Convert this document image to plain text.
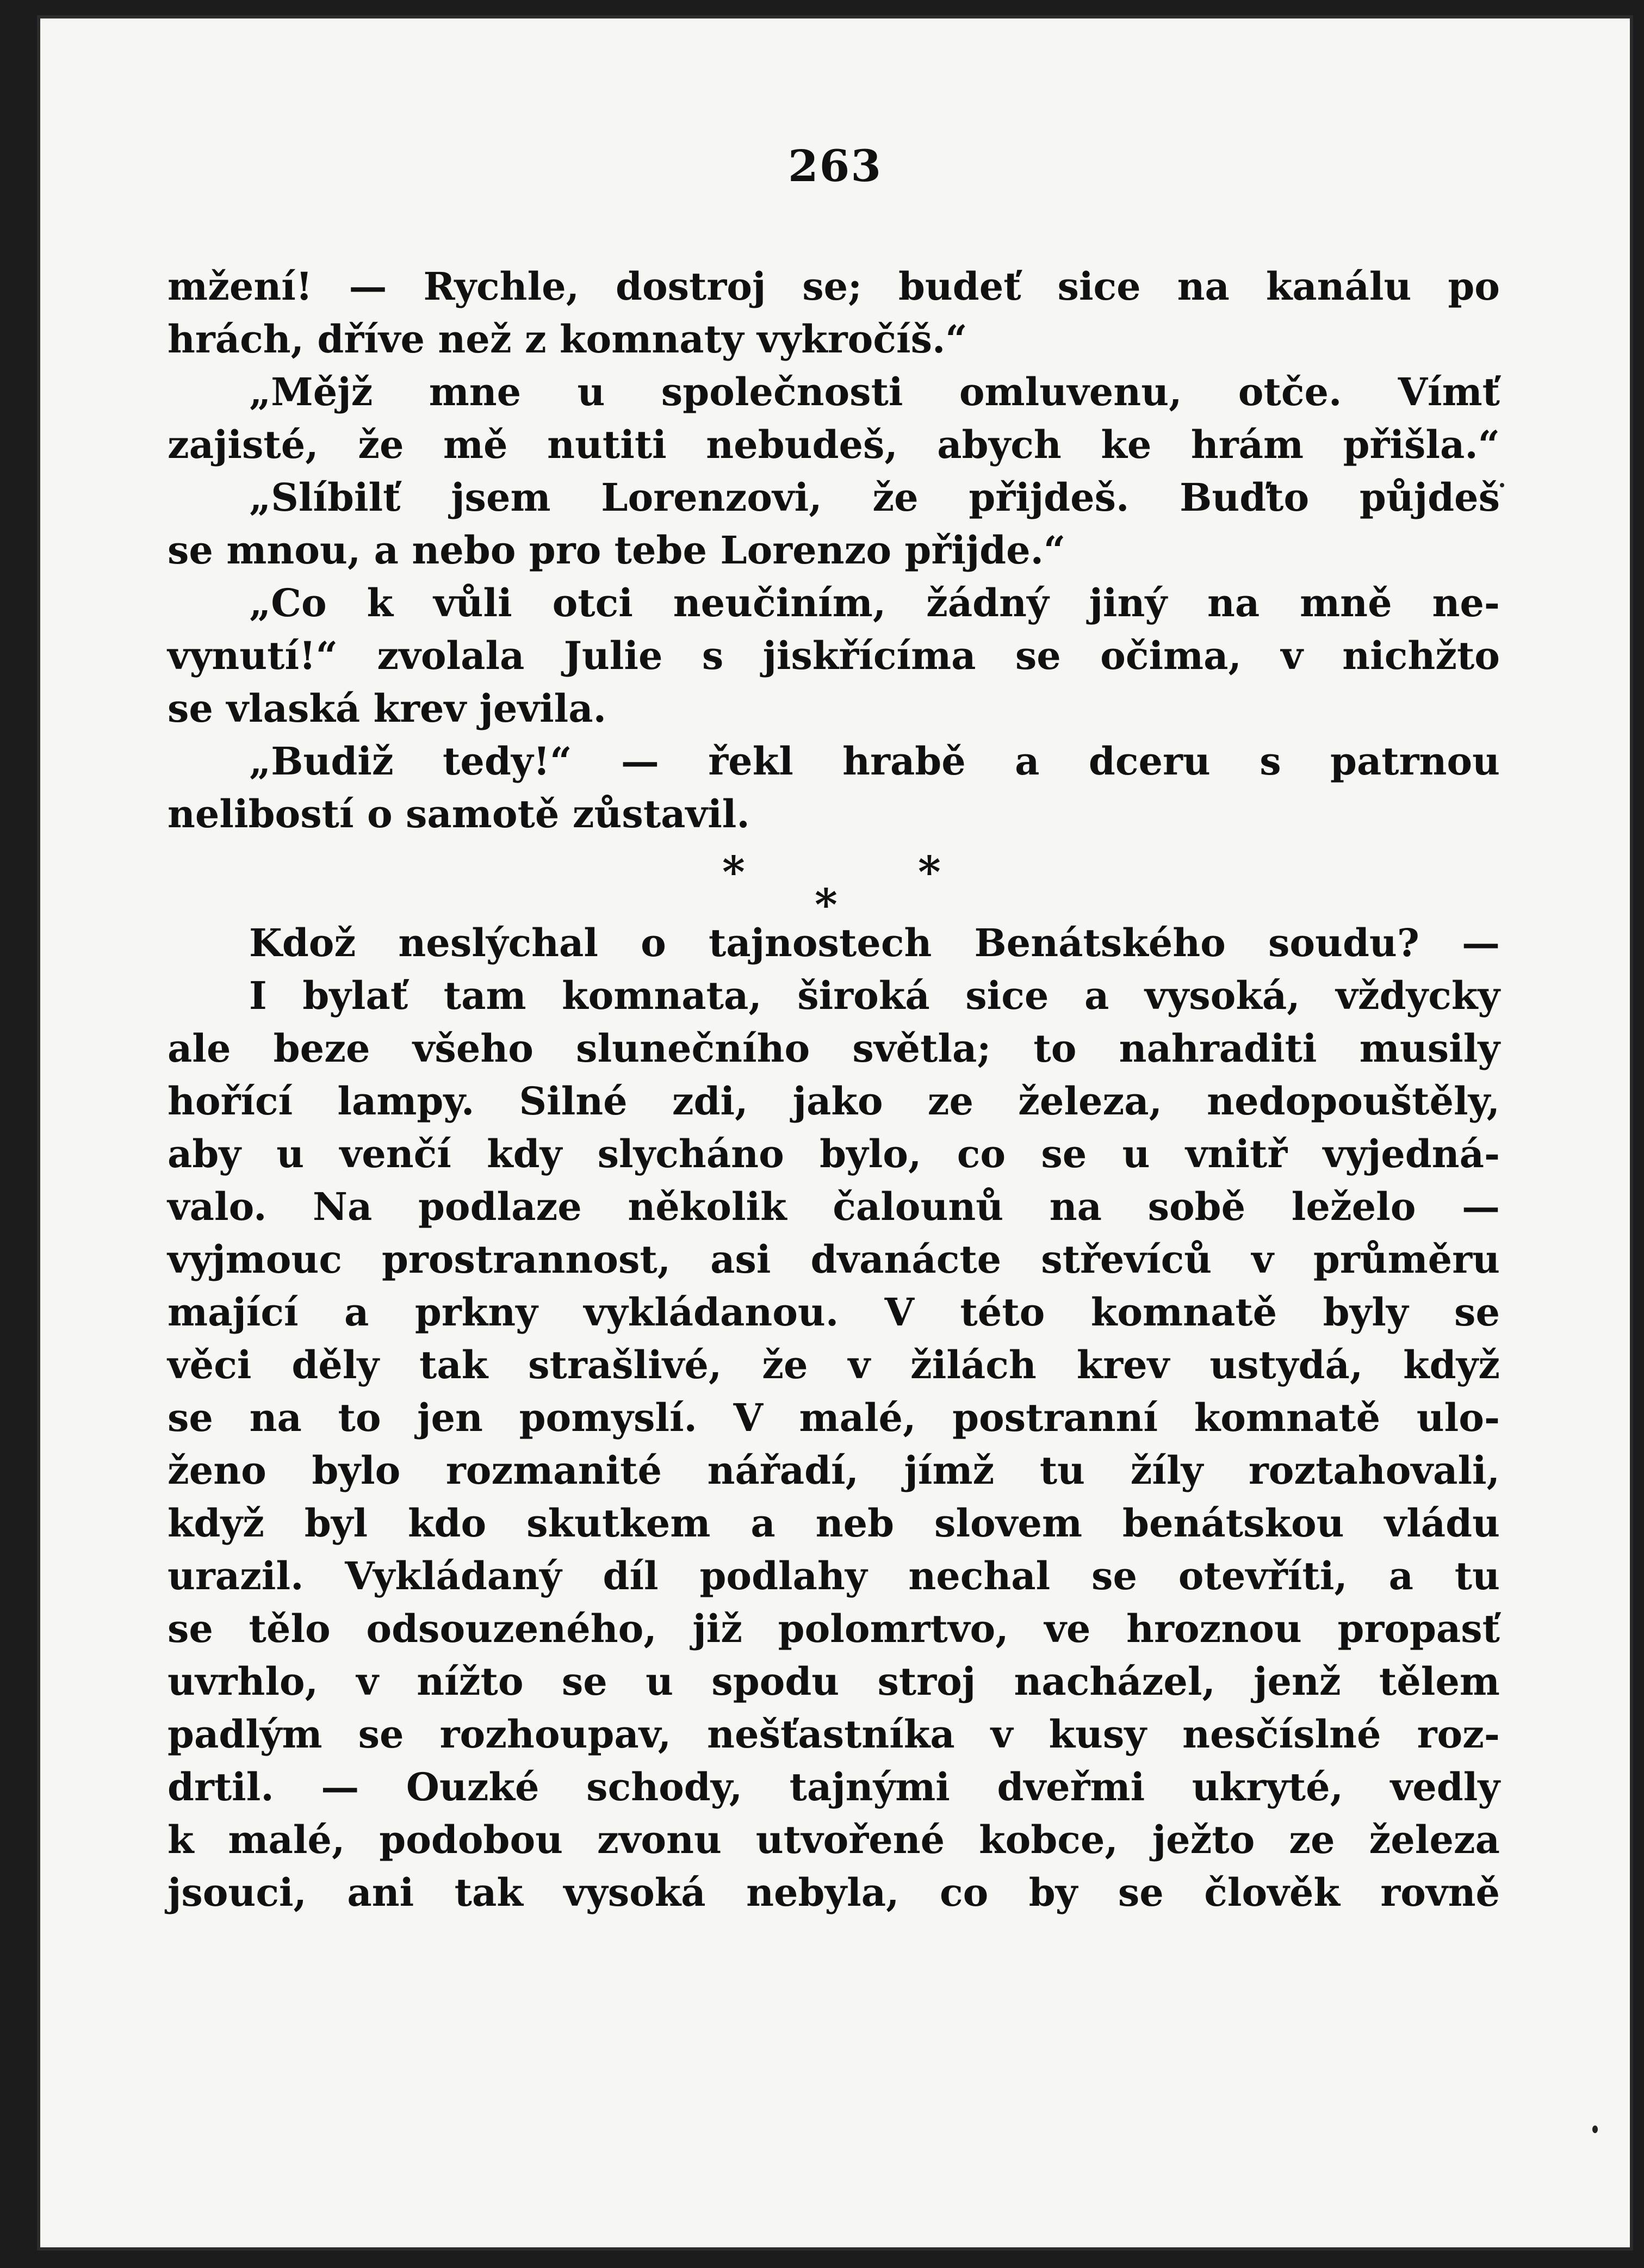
263
mžení! — Rychle, dostroj se; budeť sice na kanálu po
hrách, dříve než z komnaty vykročíš.“
„Mějž mne u společnosti omluvenu, otče. Vímť
zajisté, že mě nutiti nebudeš, abych ke hrám přišla.“
„Slíbilť jsem Lorenzovi, že přijdeš. Buďto půjdeš
se mnou, a nebo pro tebe Lorenzo přijde.“
„Co k vůli otci neučiním, žádný jiný na mně ne-
vynutí!“ zvolala Julie s jiskřícíma se očima, v nichžto
se vlaská krev jevila.
„Budiž tedy!“ — řekl hrabě a dceru s patrnou
nelibostí o samotě zůstavil.
*
*
*
Kdož neslýchal o tajnostech Benátského soudu? —
I bylať tam komnata, široká sice a vysoká, vždycky
ale beze všeho slunečního světla; to nahraditi musily
hořící lampy. Silné zdi, jako ze železa, nedopouštěly,
aby u venčí kdy slycháno bylo, co se u vnitř vyjedná-
valo. Na podlaze několik čalounů na sobě leželo —
vyjmouc prostrannost, asi dvanácte střevíců v průměru
mající a prkny vykládanou. V této komnatě byly se
věci děly tak strašlivé, že v žilách krev ustydá, když
se na to jen pomyslí. V malé, postranní komnatě ulo-
ženo bylo rozmanité nářadí, jímž tu žíly roztahovali,
když byl kdo skutkem a neb slovem benátskou vládu
urazil. Vykládaný díl podlahy nechal se otevříti, a tu
se tělo odsouzeného, již polomrtvo, ve hroznou propasť
uvrhlo, v nížto se u spodu stroj nacházel, jenž tělem
padlým se rozhoupav, nešťastníka v kusy nesčíslné roz-
drtil. — Ouzké schody, tajnými dveřmi ukryté, vedly
k malé, podobou zvonu utvořené kobce, ježto ze železa
jsouci, ani tak vysoká nebyla, co by se člověk rovně
